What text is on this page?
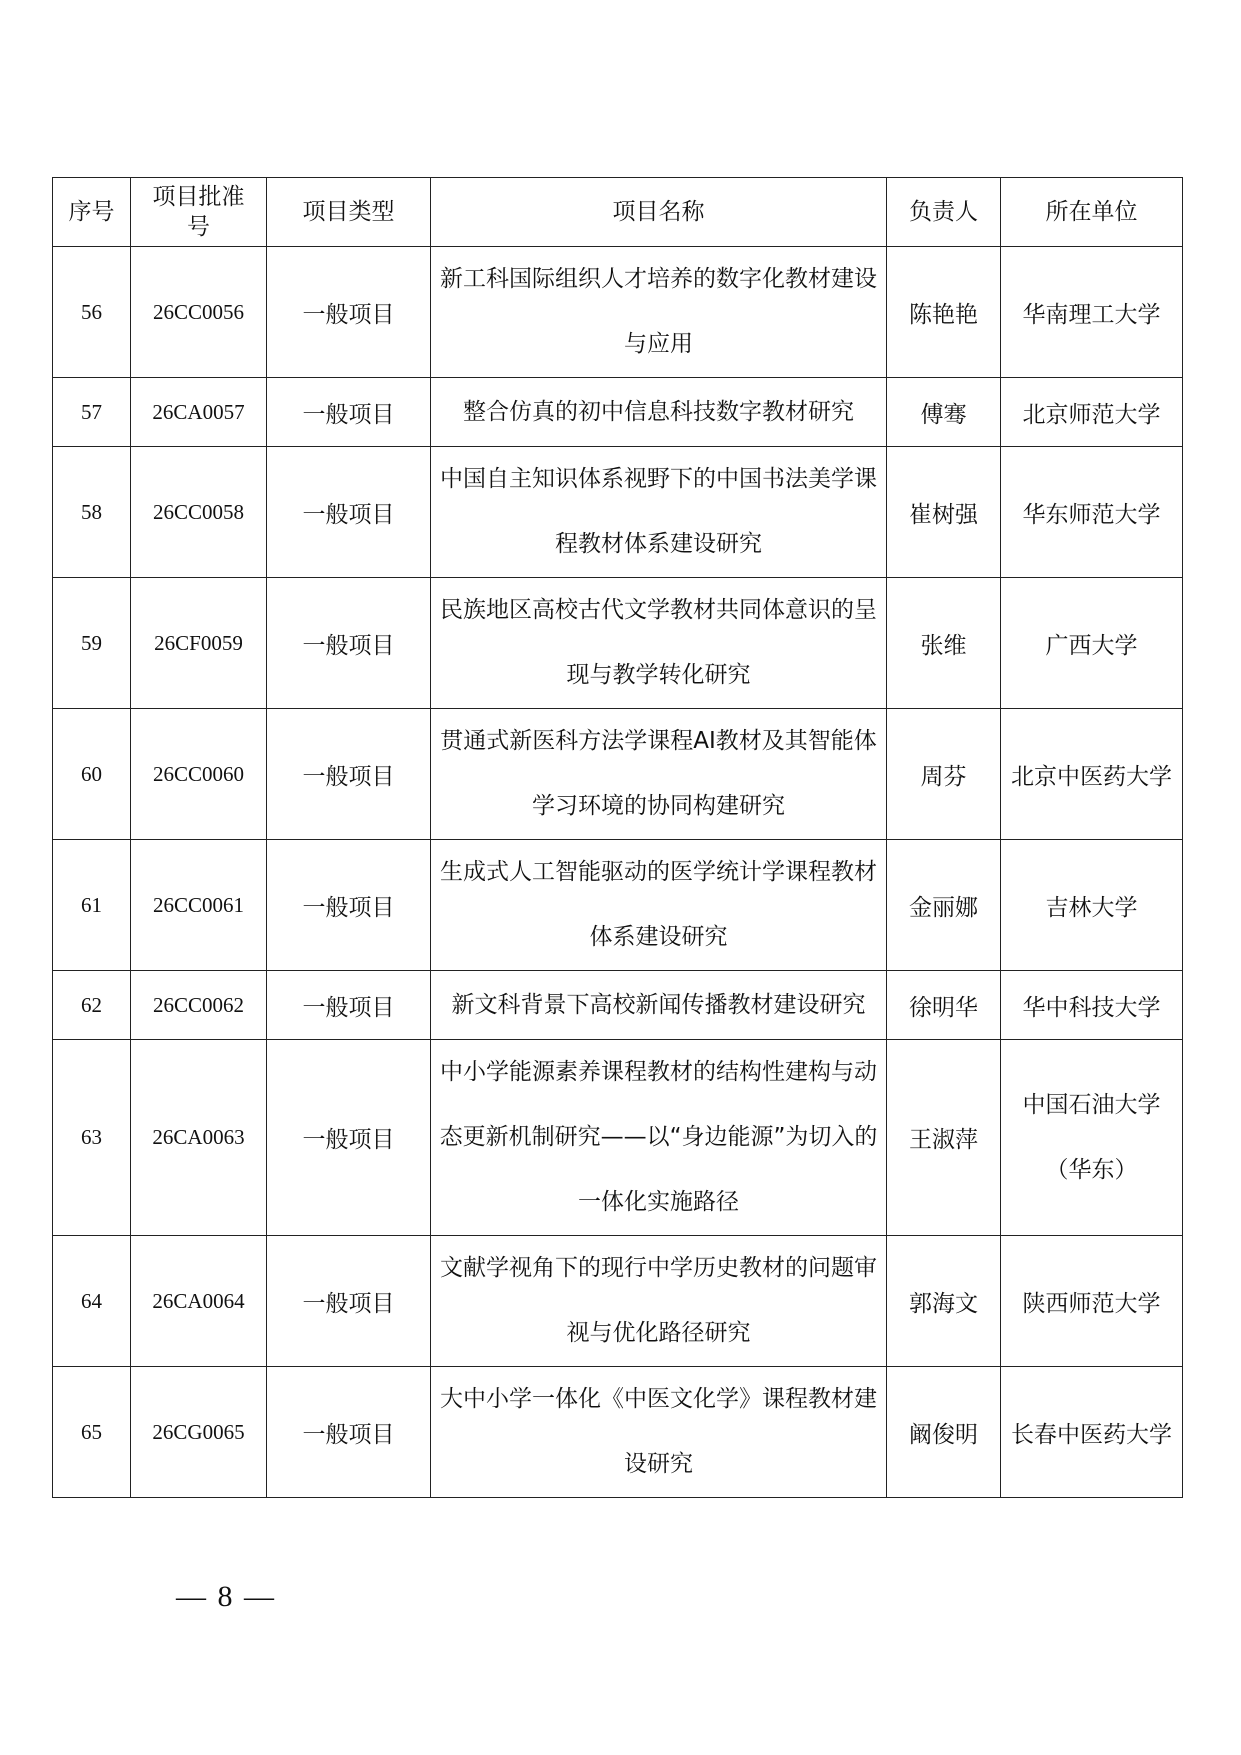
序号	项目批准号	项目类型	项目名称	负责人	所在单位
56	26CC0056	一般项目	新工科国际组织人才培养的数字化教材建设与应用	陈艳艳	华南理工大学
57	26CA0057	一般项目	整合仿真的初中信息科技数字教材研究	傅骞	北京师范大学
58	26CC0058	一般项目	中国自主知识体系视野下的中国书法美学课程教材体系建设研究	崔树强	华东师范大学
59	26CF0059	一般项目	民族地区高校古代文学教材共同体意识的呈现与教学转化研究	张维	广西大学
60	26CC0060	一般项目	贯通式新医科方法学课程AI教材及其智能体学习环境的协同构建研究	周芬	北京中医药大学
61	26CC0061	一般项目	生成式人工智能驱动的医学统计学课程教材体系建设研究	金丽娜	吉林大学
62	26CC0062	一般项目	新文科背景下高校新闻传播教材建设研究	徐明华	华中科技大学
63	26CA0063	一般项目	中小学能源素养课程教材的结构性建构与动态更新机制研究——以“身边能源”为切入的一体化实施路径	王淑萍	中国石油大学（华东）
64	26CA0064	一般项目	文献学视角下的现行中学历史教材的问题审视与优化路径研究	郭海文	陕西师范大学
65	26CG0065	一般项目	大中小学一体化《中医文化学》课程教材建设研究	阚俊明	长春中医药大学
— 8 —
